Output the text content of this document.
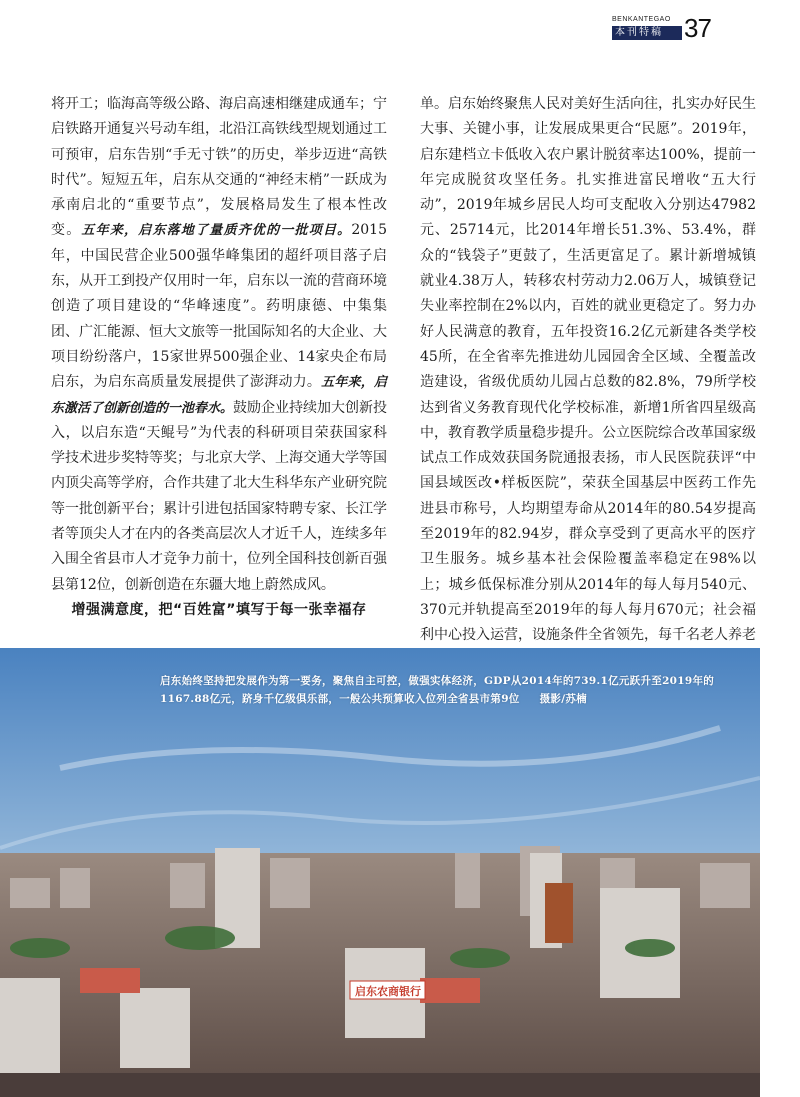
BENKANTEGAO
本刊特稿 37

将开工；临海高等级公路、海启高速相继建成通车；宁启铁路开通复兴号动车组，北沿江高铁线型规划通过工可预审，启东告别“手无寸铁”的历史，举步迈进“高铁时代”。短短五年，启东从交通的“神经末梢”一跃成为承南启北的“重要节点”，发展格局发生了根本性改变。五年来，启东落地了量质齐优的一批项目。2015年，中国民营企业500强华峰集团的超纤项目落子启东，从开工到投产仅用时一年，启东以一流的营商环境创造了项目建设的“华峰速度”。药明康德、中集集团、广汇能源、恒大文旅等一批国际知名的大企业、大项目纷纷落户，15家世界500强企业、14家央企布局启东，为启东高质量发展提供了澎湃动力。五年来，启东激活了创新创造的一池春水。鼓励企业持续加大创新投入，以启东造“天鲲号”为代表的科研项目荣获国家科学技术进步奖特等奖；与北京大学、上海交通大学等国内顶尖高等学府，合作共建了北大生科华东产业研究院等一批创新平台；累计引进包括国家特聘专家、长江学者等顶尖人才在内的各类高层次人才近千人，连续多年入围全省县市人才竞争力前十，位列全国科技创新百强县第12位，创新创造在东疆大地上蔚然成风。

增强满意度，把“百姓富”填写于每一张幸福存

单。启东始终聚焦人民对美好生活向往，扎实办好民生大事、关键小事，让发展成果更合“民愿”。2019年，启东建档立卡低收入农户累计脱贫率达100%，提前一年完成脱贫攻坚任务。扎实推进富民增收“五大行动”，2019年城乡居民人均可支配收入分别达47982元、25714元，比2014年增长51.3%、53.4%，群众的“钱袋子”更鼓了，生活更富足了。累计新增城镇就业4.38万人，转移农村劳动力2.06万人，城镇登记失业率控制在2%以内，百姓的就业更稳定了。努力办好人民满意的教育，五年投资16.2亿元新建各类学校45所，在全省率先推进幼儿园园舍全区域、全覆盖改造建设，省级优质幼儿园占总数的82.8%，79所学校达到省义务教育现代化学校标准，新增1所省四星级高中，教育教学质量稳步提升。公立医院综合改革国家级试点工作成效获国务院通报表扬，市人民医院获评“中国县域医改•样板医院”，荣获全国基层中医药工作先进县市称号，人均期望寿命从2014年的80.54岁提高至2019年的82.94岁，群众享受到了更高水平的医疗卫生服务。城乡基本社会保险覆盖率稳定在98%以上；城乡低保标准分别从2014年的每人每月540元、370元并轨提高至2019年的每人每月670元；社会福利中心投入运营，设施条件全省领先，每千名老人养老

启东农商银行
启东始终坚持把发展作为第一要务，聚焦自主可控，做强实体经济，GDP从2014年的739.1亿元跃升至2019年的1167.88亿元，跻身千亿级俱乐部，一般公共预算收入位列全省县市第9位 摄影/苏楠
